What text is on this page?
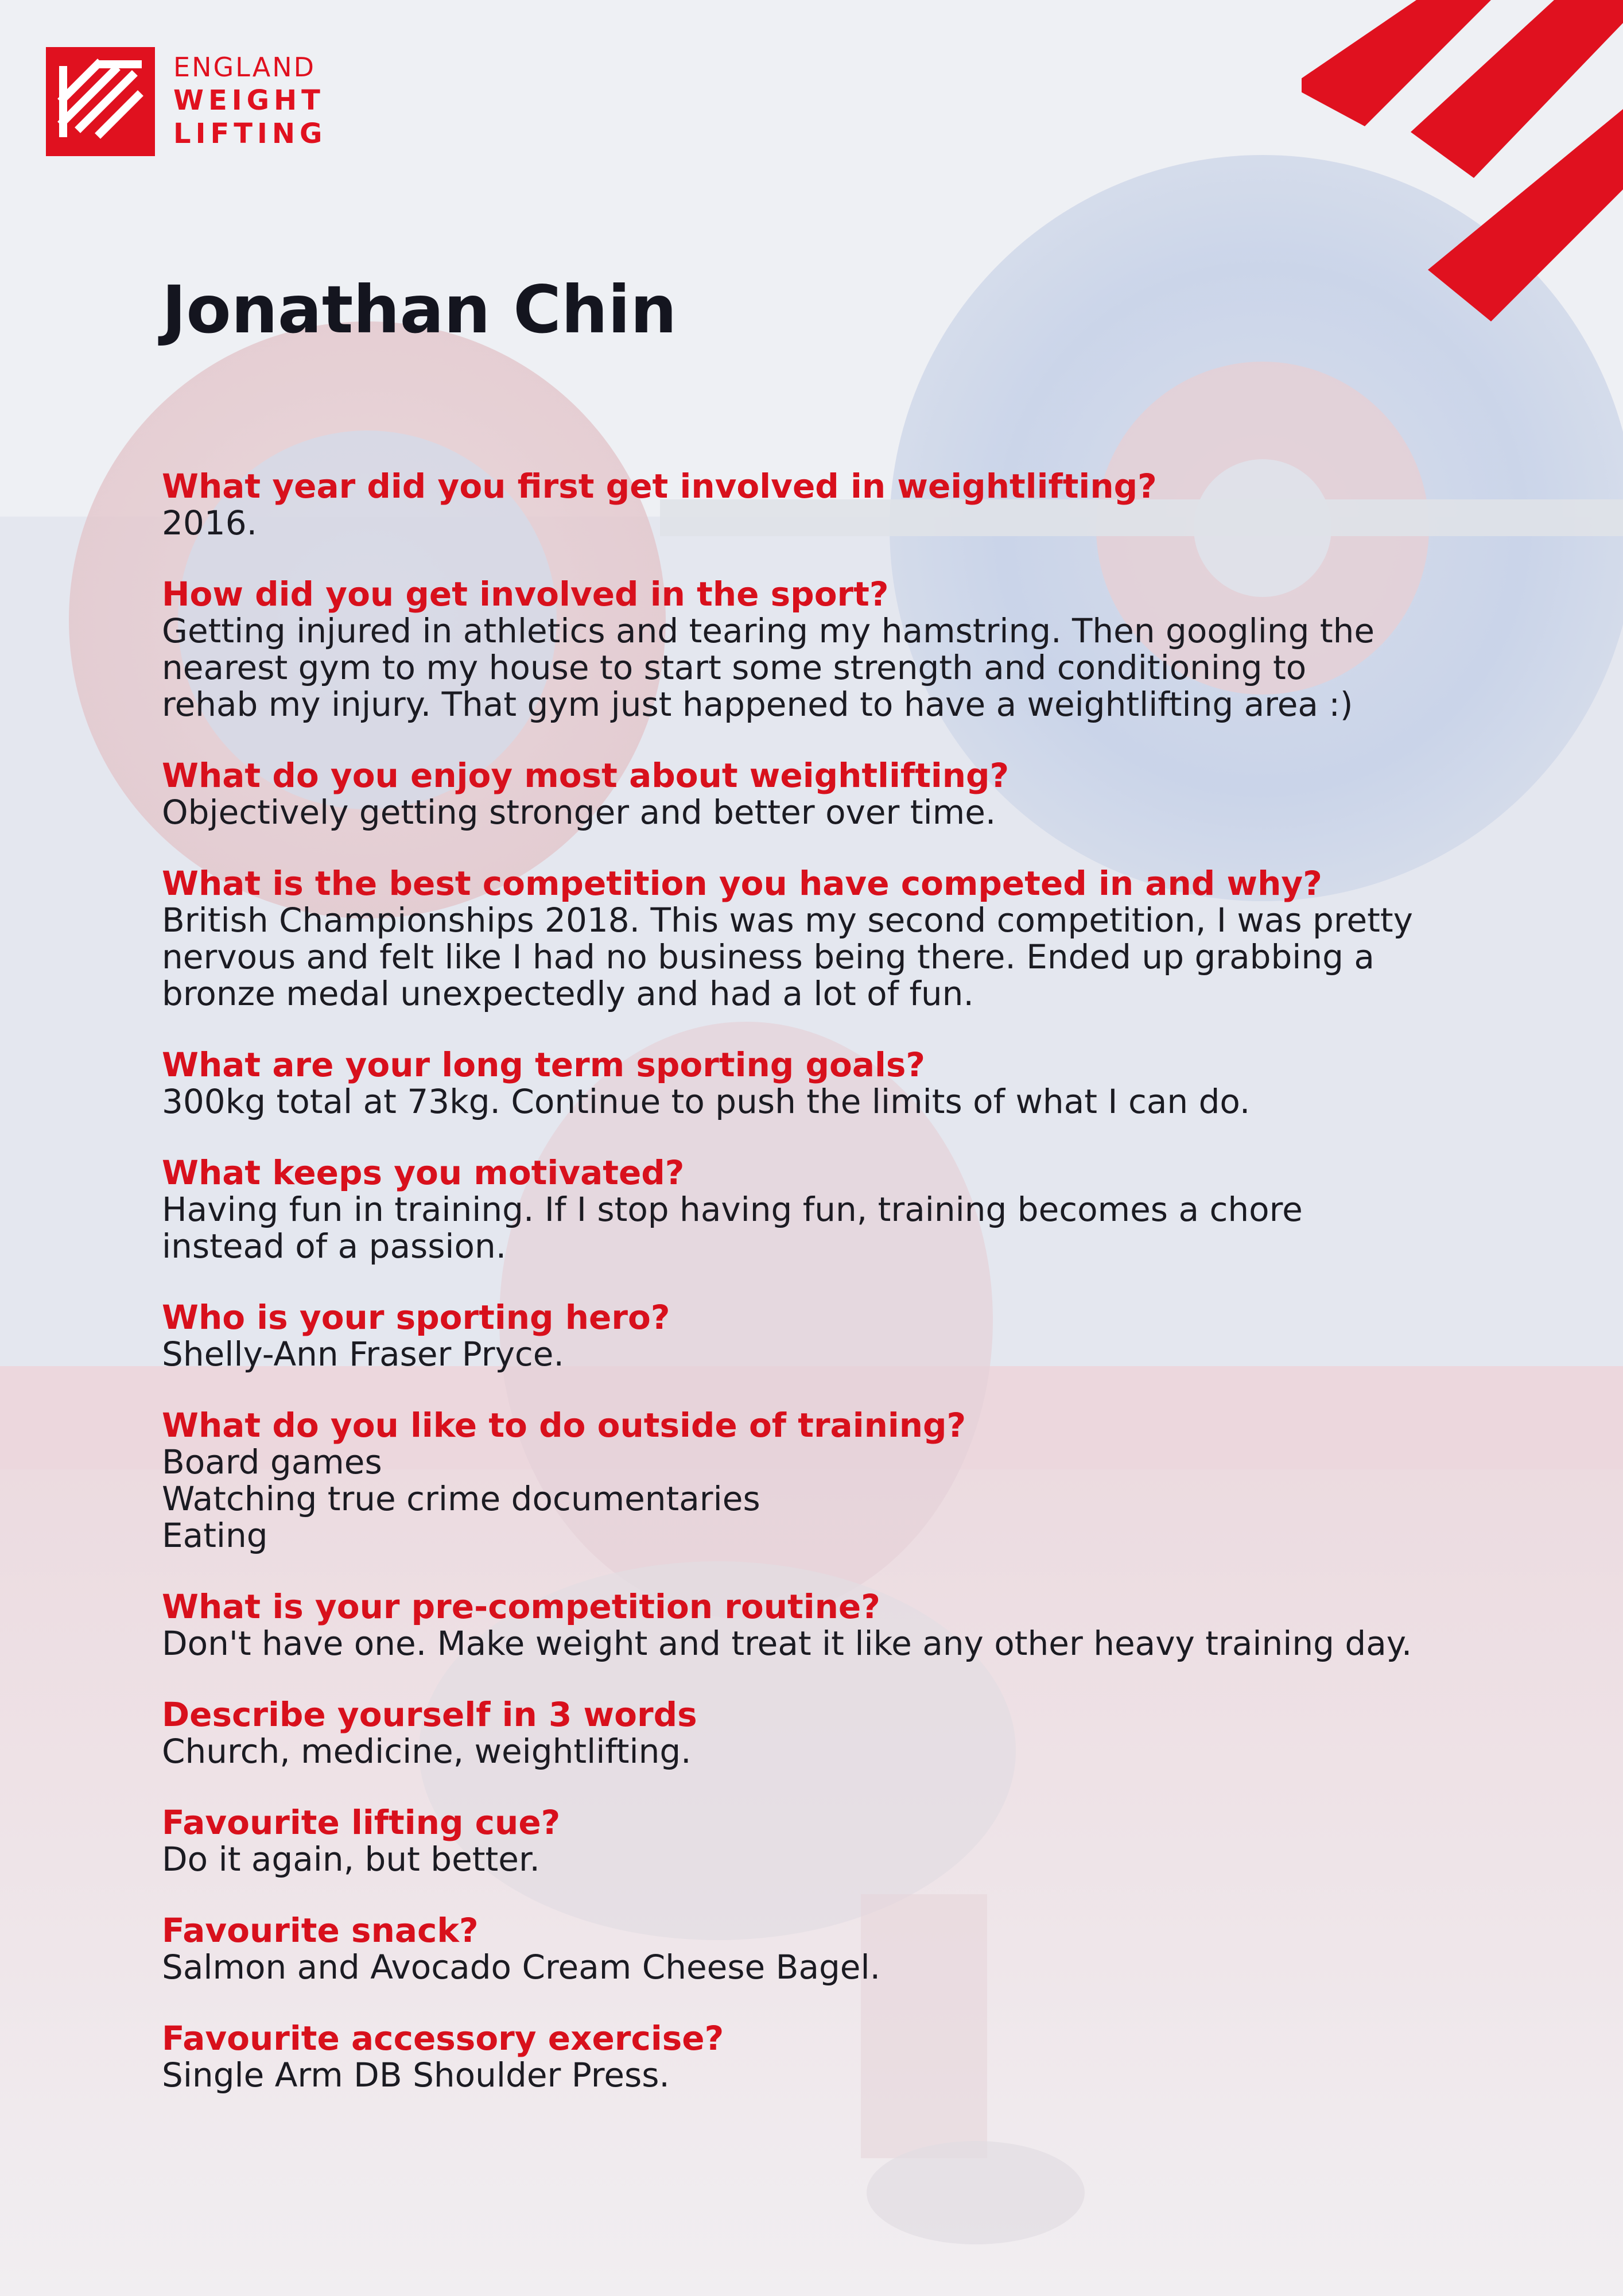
ENGLAND
WEIGHT
LIFTING
Jonathan Chin

What year did you first get involved in weightlifting?

2016.

How did you get involved in the sport?

Getting injured in athletics and tearing my hamstring. Then googling the

nearest gym to my house to start some strength and conditioning to

rehab my injury. That gym just happened to have a weightlifting area :)

What do you enjoy most about weightlifting?

Objectively getting stronger and better over time.

What is the best competition you have competed in and why?

British Championships 2018. This was my second competition, I was pretty

nervous and felt like I had no business being there. Ended up grabbing a

bronze medal unexpectedly and had a lot of fun.

What are your long term sporting goals?

300kg total at 73kg. Continue to push the limits of what I can do.

What keeps you motivated?

Having fun in training. If I stop having fun, training becomes a chore

instead of a passion.

Who is your sporting hero?

Shelly-Ann Fraser Pryce.

What do you like to do outside of training?

Board games

Watching true crime documentaries

Eating

What is your pre-competition routine?

Don't have one. Make weight and treat it like any other heavy training day.

Describe yourself in 3 words

Church, medicine, weightlifting.

Favourite lifting cue?

Do it again, but better.

Favourite snack?

Salmon and Avocado Cream Cheese Bagel.

Favourite accessory exercise?

Single Arm DB Shoulder Press.
